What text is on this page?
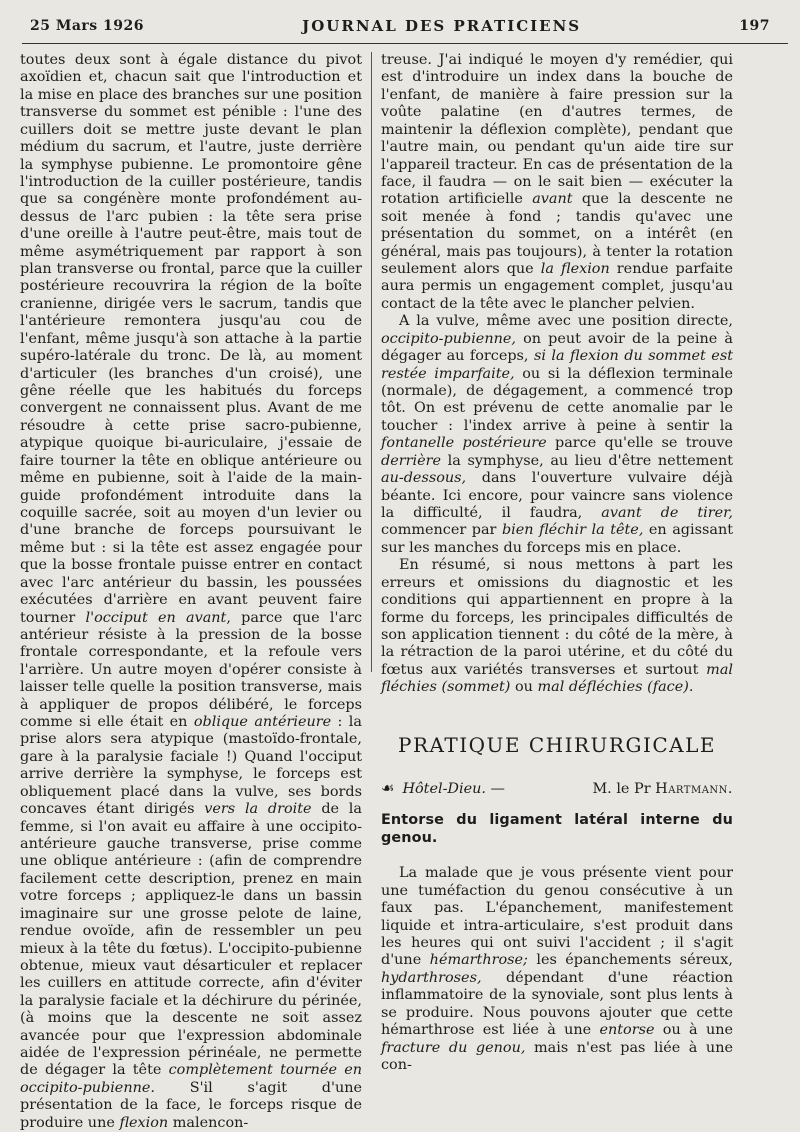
25 Mars 1926	JOURNAL DES PRATICIENS	197

toutes deux sont à égale distance du pivot axoïdien et, chacun sait que l'introduction et la mise en place des branches sur une position transverse du sommet est pénible : l'une des cuillers doit se mettre juste devant le plan médium du sacrum, et l'autre, juste derrière la symphyse pubienne. Le promontoire gêne l'introduction de la cuiller postérieure, tandis que sa congénère monte profondément au-dessus de l'arc pubien : la tête sera prise d'une oreille à l'autre peut-être, mais tout de même asymétriquement par rapport à son plan transverse ou frontal, parce que la cuiller postérieure recouvrira la région de la boîte cranienne, dirigée vers le sacrum, tandis que l'antérieure remontera jusqu'au cou de l'enfant, même jusqu'à son attache à la partie supéro-latérale du tronc. De là, au moment d'articuler (les branches d'un croisé), une gêne réelle que les habitués du forceps convergent ne connaissent plus. Avant de me résoudre à cette prise sacro-pubienne, atypique quoique bi-auriculaire, j'essaie de faire tourner la tête en oblique antérieure ou même en pubienne, soit à l'aide de la main-guide profondément introduite dans la coquille sacrée, soit au moyen d'un levier ou d'une branche de forceps poursuivant le même but : si la tête est assez engagée pour que la bosse frontale puisse entrer en contact avec l'arc antérieur du bassin, les poussées exécutées d'arrière en avant peuvent faire tourner l'occiput en avant, parce que l'arc antérieur résiste à la pression de la bosse frontale correspondante, et la refoule vers l'arrière. Un autre moyen d'opérer consiste à laisser telle quelle la position transverse, mais à appliquer de propos délibéré, le forceps comme si elle était en oblique antérieure : la prise alors sera atypique (mastoïdo-frontale, gare à la paralysie faciale !) Quand l'occiput arrive derrière la symphyse, le forceps est obliquement placé dans la vulve, ses bords concaves étant dirigés vers la droite de la femme, si l'on avait eu affaire à une occipito-antérieure gauche transverse, prise comme une oblique antérieure : (afin de comprendre facilement cette description, prenez en main votre forceps ; appliquez-le dans un bassin imaginaire sur une grosse pelote de laine, rendue ovoïde, afin de ressembler un peu mieux à la tête du fœtus). L'occipito-pubienne obtenue, mieux vaut désarticuler et replacer les cuillers en attitude correcte, afin d'éviter la paralysie faciale et la déchirure du périnée, (à moins que la descente ne soit assez avancée pour que l'expression abdominale aidée de l'expression périnéale, ne permette de dégager la tête complètement tournée en occipito-pubienne. S'il s'agit d'une présentation de la face, le forceps risque de produire une flexion malencon-

treuse. J'ai indiqué le moyen d'y remédier, qui est d'introduire un index dans la bouche de l'enfant, de manière à faire pression sur la voûte palatine (en d'autres termes, de maintenir la déflexion complète), pendant que l'autre main, ou pendant qu'un aide tire sur l'appareil tracteur. En cas de présentation de la face, il faudra — on le sait bien — exécuter la rotation artificielle avant que la descente ne soit menée à fond ; tandis qu'avec une présentation du sommet, on a intérêt (en général, mais pas toujours), à tenter la rotation seulement alors que la flexion rendue parfaite aura permis un engagement complet, jusqu'au contact de la tête avec le plancher pelvien.

A la vulve, même avec une position directe, occipito-pubienne, on peut avoir de la peine à dégager au forceps, si la flexion du sommet est restée imparfaite, ou si la déflexion terminale (normale), de dégagement, a commencé trop tôt. On est prévenu de cette anomalie par le toucher : l'index arrive à peine à sentir la fontanelle postérieure parce qu'elle se trouve derrière la symphyse, au lieu d'être nettement au-dessous, dans l'ouverture vulvaire déjà béante. Ici encore, pour vaincre sans violence la difficulté, il faudra, avant de tirer, commencer par bien fléchir la tête, en agissant sur les manches du forceps mis en place.

En résumé, si nous mettons à part les erreurs et omissions du diagnostic et les conditions qui appartiennent en propre à la forme du forceps, les principales difficultés de son application tiennent : du côté de la mère, à la rétraction de la paroi utérine, et du côté du fœtus aux variétés transverses et surtout mal fléchies (sommet) ou mal défléchies (face).

PRATIQUE CHIRURGICALE
☙ Hôtel-Dieu. —	M. le Pr Hartmann.
Entorse du ligament latéral interne du genou.

La malade que je vous présente vient pour une tuméfaction du genou consécutive à un faux pas. L'épanchement, manifestement liquide et intra-articulaire, s'est produit dans les heures qui ont suivi l'accident ; il s'agit d'une hémarthrose; les épanchements séreux, hydarthroses, dépendant d'une réaction inflammatoire de la synoviale, sont plus lents à se produire. Nous pouvons ajouter que cette hémarthrose est liée à une entorse ou à une fracture du genou, mais n'est pas liée à une con-
